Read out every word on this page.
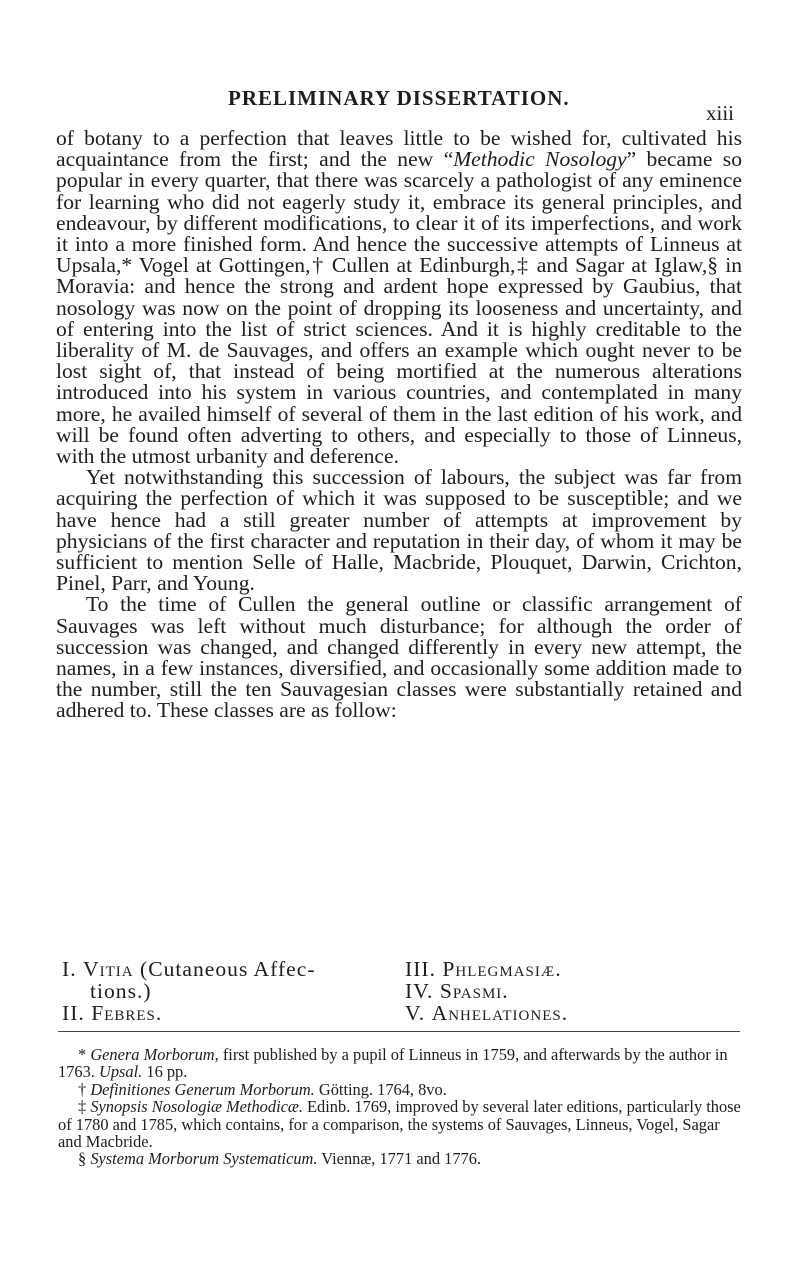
PRELIMINARY DISSERTATION.
xiii

of botany to a perfection that leaves little to be wished for, cultivated his acquaintance from the first; and the new “Methodic Nosology” became so popular in every quarter, that there was scarcely a pathologist of any eminence for learning who did not eagerly study it, embrace its general principles, and endeavour, by different modifications, to clear it of its imperfections, and work it into a more finished form. And hence the successive attempts of Linneus at Upsala,* Vogel at Gottingen,† Cullen at Edinburgh,‡ and Sagar at Iglaw,§ in Moravia: and hence the strong and ardent hope expressed by Gaubius, that nosology was now on the point of dropping its looseness and uncertainty, and of entering into the list of strict sciences. And it is highly creditable to the liberality of M. de Sauvages, and offers an example which ought never to be lost sight of, that instead of being mortified at the numerous alterations introduced into his system in various countries, and contemplated in many more, he availed himself of several of them in the last edition of his work, and will be found often adverting to others, and especially to those of Linneus, with the utmost urbanity and deference.

Yet notwithstanding this succession of labours, the subject was far from acquiring the perfection of which it was supposed to be susceptible; and we have hence had a still greater number of attempts at improvement by physicians of the first character and reputation in their day, of whom it may be sufficient to mention Selle of Halle, Macbride, Plouquet, Darwin, Crichton, Pinel, Parr, and Young.

To the time of Cullen the general outline or classific arrangement of Sauvages was left without much disturbance; for although the order of succession was changed, and changed differently in every new attempt, the names, in a few instances, diversified, and occasionally some addition made to the number, still the ten Sauvagesian classes were substantially retained and adhered to. These classes are as follow:

I. Vitia (Cutaneous Affec-
tions.)
II. Febres.
III. Phlegmasiæ.
IV. Spasmi.
V. Anhelationes.

* Genera Morborum, first published by a pupil of Linneus in 1759, and afterwards by the author in 1763. Upsal. 16 pp.

† Definitiones Generum Morborum. Götting. 1764, 8vo.

‡ Synopsis Nosologiæ Methodicæ. Edinb. 1769, improved by several later editions, particularly those of 1780 and 1785, which contains, for a comparison, the systems of Sauvages, Linneus, Vogel, Sagar and Macbride.

§ Systema Morborum Systematicum. Viennæ, 1771 and 1776.
